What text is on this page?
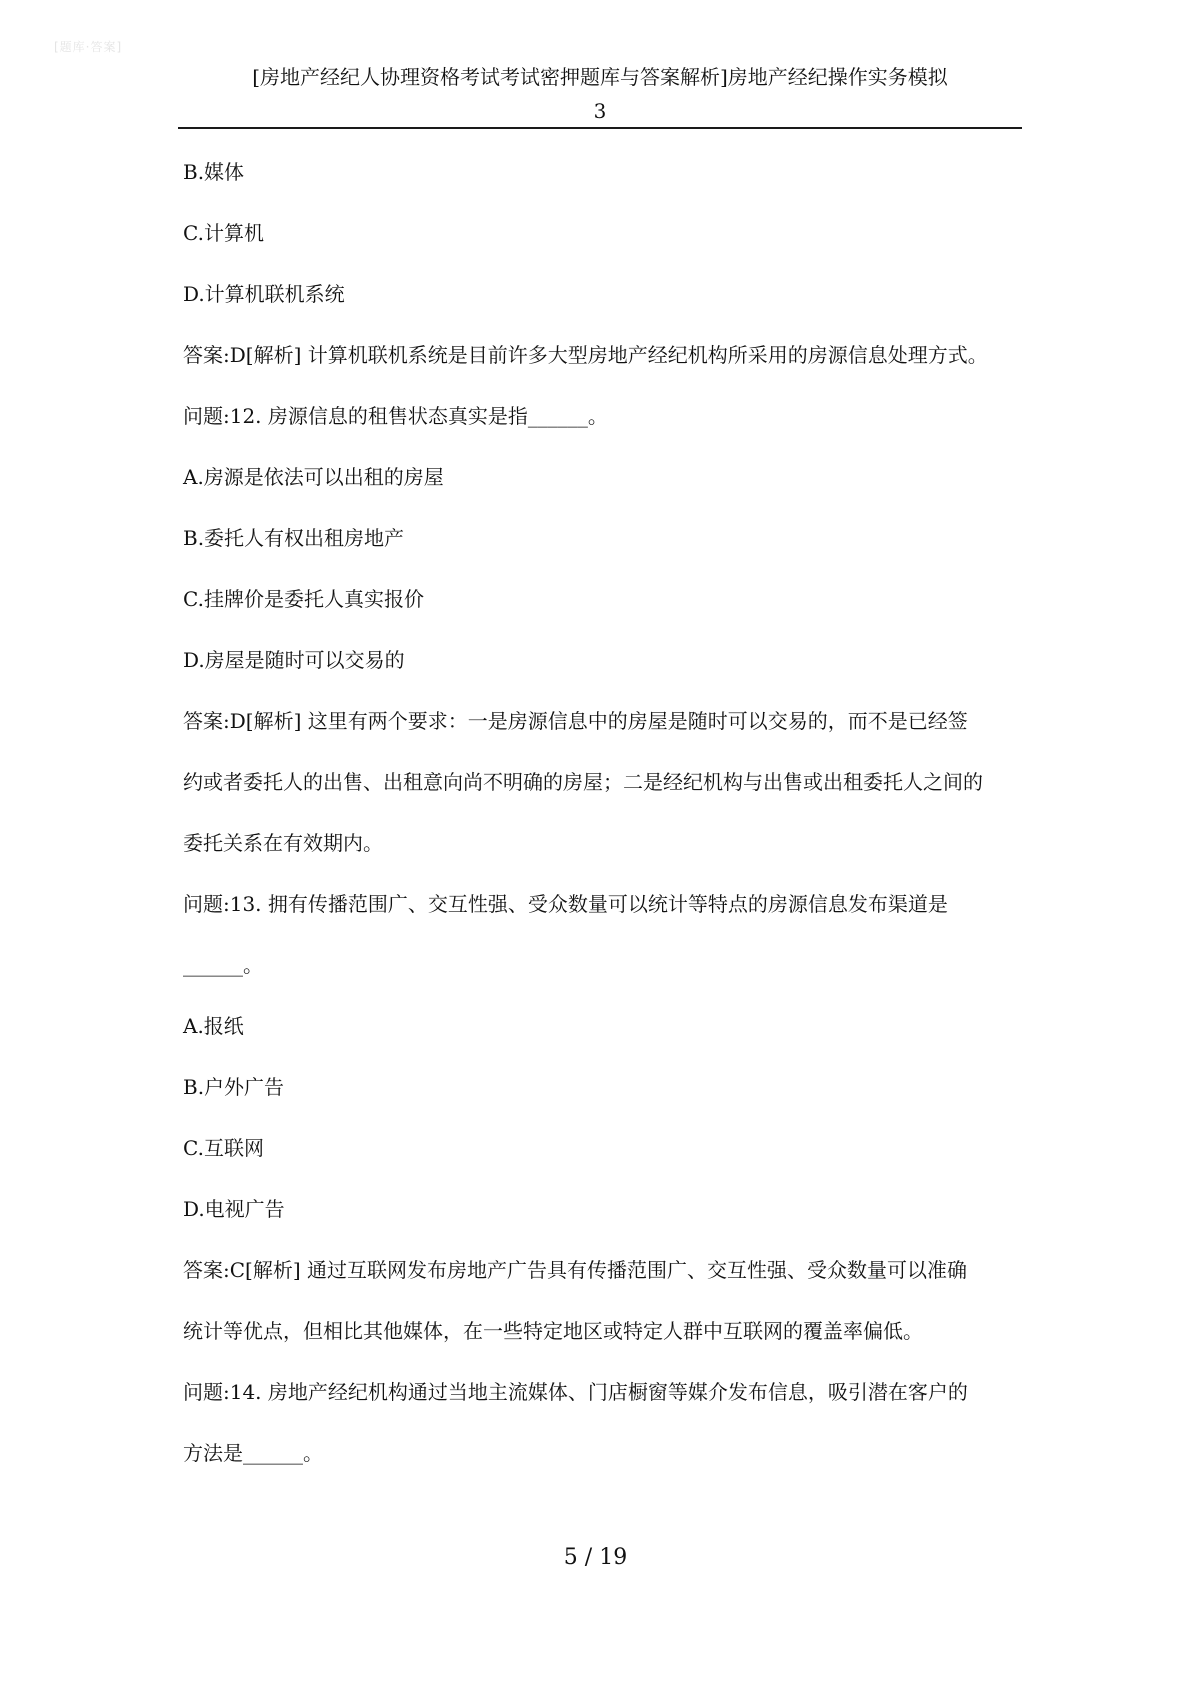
[题库·答案]
[房地产经纪人协理资格考试考试密押题库与答案解析]房地产经纪操作实务模拟
3
B.媒体
C.计算机
D.计算机联机系统
答案:D[解析] 计算机联机系统是目前许多大型房地产经纪机构所采用的房源信息处理方式。
问题:12. 房源信息的租售状态真实是指______。
A.房源是依法可以出租的房屋
B.委托人有权出租房地产
C.挂牌价是委托人真实报价
D.房屋是随时可以交易的
答案:D[解析] 这里有两个要求：一是房源信息中的房屋是随时可以交易的，而不是已经签
约或者委托人的出售、出租意向尚不明确的房屋；二是经纪机构与出售或出租委托人之间的
委托关系在有效期内。
问题:13. 拥有传播范围广、交互性强、受众数量可以统计等特点的房源信息发布渠道是
______。
A.报纸
B.户外广告
C.互联网
D.电视广告
答案:C[解析] 通过互联网发布房地产广告具有传播范围广、交互性强、受众数量可以准确
统计等优点，但相比其他媒体，在一些特定地区或特定人群中互联网的覆盖率偏低。
问题:14. 房地产经纪机构通过当地主流媒体、门店橱窗等媒介发布信息，吸引潜在客户的
方法是______。
5 / 19
